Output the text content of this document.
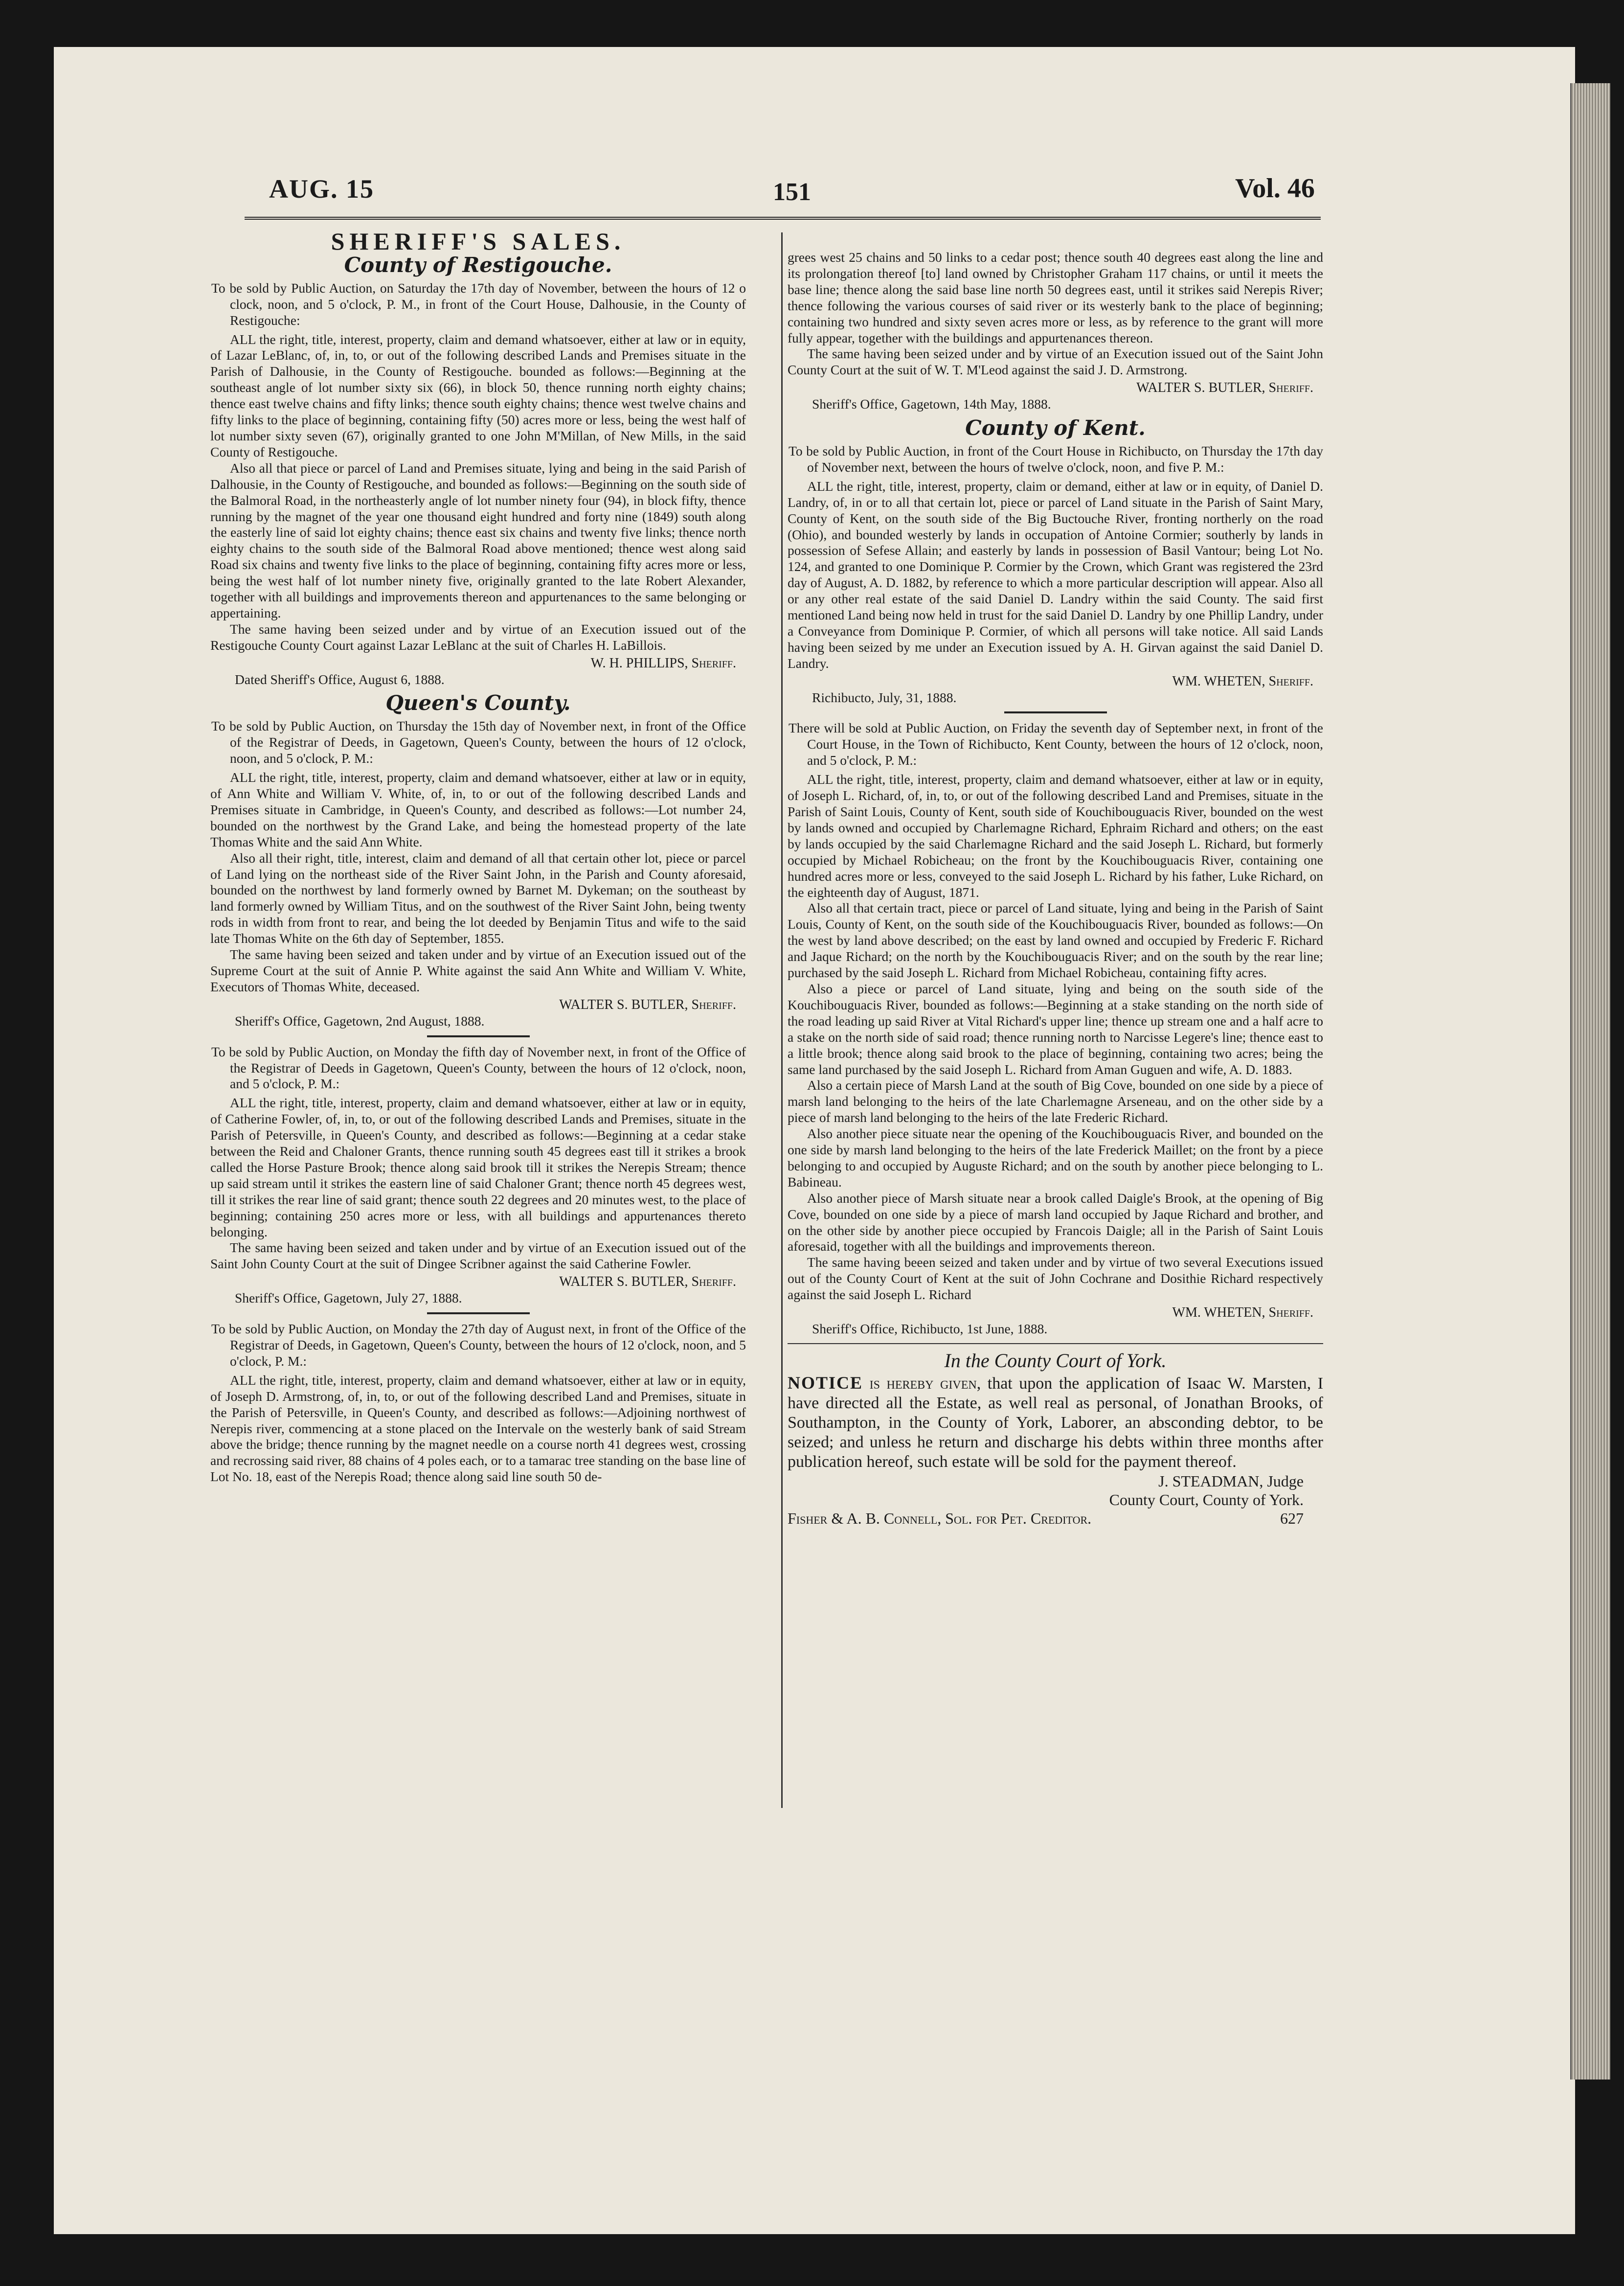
AUG. 15	151	Vol. 46

SHERIFF'S SALES.

County of Restigouche.

To be sold by Public Auction, on Saturday the 17th day of November, between the hours of 12 o clock, noon, and 5 o'clock, P. M., in front of the Court House, Dalhousie, in the County of Restigouche:

ALL the right, title, interest, property, claim and demand whatsoever, either at law or in equity, of Lazar LeBlanc, of, in, to, or out of the following described Lands and Premises situate in the Parish of Dalhousie, in the County of Restigouche. bounded as follows:—Beginning at the southeast angle of lot number sixty six (66), in block 50, thence running north eighty chains; thence east twelve chains and fifty links; thence south eighty chains; thence west twelve chains and fifty links to the place of beginning, containing fifty (50) acres more or less, being the west half of lot number sixty seven (67), originally granted to one John M'Millan, of New Mills, in the said County of Restigouche.

Also all that piece or parcel of Land and Premises situate, lying and being in the said Parish of Dalhousie, in the County of Restigouche, and bounded as follows:—Beginning on the south side of the Balmoral Road, in the northeasterly angle of lot number ninety four (94), in block fifty, thence running by the magnet of the year one thousand eight hundred and forty nine (1849) south along the easterly line of said lot eighty chains; thence east six chains and twenty five links; thence north eighty chains to the south side of the Balmoral Road above mentioned; thence west along said Road six chains and twenty five links to the place of beginning, containing fifty acres more or less, being the west half of lot number ninety five, originally granted to the late Robert Alexander, together with all buildings and improvements thereon and appurtenances to the same belonging or appertaining.

The same having been seized under and by virtue of an Execution issued out of the Restigouche County Court against Lazar LeBlanc at the suit of Charles H. LaBillois.

W. H. PHILLIPS, Sheriff.

Dated Sheriff's Office, August 6, 1888.

Queen's County.

To be sold by Public Auction, on Thursday the 15th day of November next, in front of the Office of the Registrar of Deeds, in Gagetown, Queen's County, between the hours of 12 o'clock, noon, and 5 o'clock, P. M.:

ALL the right, title, interest, property, claim and demand whatsoever, either at law or in equity, of Ann White and William V. White, of, in, to or out of the following described Lands and Premises situate in Cambridge, in Queen's County, and described as follows:—Lot number 24, bounded on the northwest by the Grand Lake, and being the homestead property of the late Thomas White and the said Ann White.

Also all their right, title, interest, claim and demand of all that certain other lot, piece or parcel of Land lying on the northeast side of the River Saint John, in the Parish and County aforesaid, bounded on the northwest by land formerly owned by Barnet M. Dykeman; on the southeast by land formerly owned by William Titus, and on the southwest of the River Saint John, being twenty rods in width from front to rear, and being the lot deeded by Benjamin Titus and wife to the said late Thomas White on the 6th day of September, 1855.

The same having been seized and taken under and by virtue of an Execution issued out of the Supreme Court at the suit of Annie P. White against the said Ann White and William V. White, Executors of Thomas White, deceased.

WALTER S. BUTLER, Sheriff.

Sheriff's Office, Gagetown, 2nd August, 1888.

To be sold by Public Auction, on Monday the fifth day of November next, in front of the Office of the Registrar of Deeds in Gagetown, Queen's County, between the hours of 12 o'clock, noon, and 5 o'clock, P. M.:

ALL the right, title, interest, property, claim and demand whatsoever, either at law or in equity, of Catherine Fowler, of, in, to, or out of the following described Lands and Premises, situate in the Parish of Petersville, in Queen's County, and described as follows:—Beginning at a cedar stake between the Reid and Chaloner Grants, thence running south 45 degrees east till it strikes a brook called the Horse Pasture Brook; thence along said brook till it strikes the Nerepis Stream; thence up said stream until it strikes the eastern line of said Chaloner Grant; thence north 45 degrees west, till it strikes the rear line of said grant; thence south 22 degrees and 20 minutes west, to the place of beginning; containing 250 acres more or less, with all buildings and appurtenances thereto belonging.

The same having been seized and taken under and by virtue of an Execution issued out of the Saint John County Court at the suit of Dingee Scribner against the said Catherine Fowler.

WALTER S. BUTLER, Sheriff.

Sheriff's Office, Gagetown, July 27, 1888.

To be sold by Public Auction, on Monday the 27th day of August next, in front of the Office of the Registrar of Deeds, in Gagetown, Queen's County, between the hours of 12 o'clock, noon, and 5 o'clock, P. M.:

ALL the right, title, interest, property, claim and demand whatsoever, either at law or in equity, of Joseph D. Armstrong, of, in, to, or out of the following described Land and Premises, situate in the Parish of Petersville, in Queen's County, and described as follows:—Adjoining northwest of Nerepis river, commencing at a stone placed on the Intervale on the westerly bank of said Stream above the bridge; thence running by the magnet needle on a course north 41 degrees west, crossing and recrossing said river, 88 chains of 4 poles each, or to a tamarac tree standing on the base line of Lot No. 18, east of the Nerepis Road; thence along said line south 50 de-

grees west 25 chains and 50 links to a cedar post; thence south 40 degrees east along the line and its prolongation thereof [to] land owned by Christopher Graham 117 chains, or until it meets the base line; thence along the said base line north 50 degrees east, until it strikes said Nerepis River; thence following the various courses of said river or its westerly bank to the place of beginning; containing two hundred and sixty seven acres more or less, as by reference to the grant will more fully appear, together with the buildings and appurtenances thereon.

The same having been seized under and by virtue of an Execution issued out of the Saint John County Court at the suit of W. T. M'Leod against the said J. D. Armstrong.

WALTER S. BUTLER, Sheriff.

Sheriff's Office, Gagetown, 14th May, 1888.

County of Kent.

To be sold by Public Auction, in front of the Court House in Richibucto, on Thursday the 17th day of November next, between the hours of twelve o'clock, noon, and five P. M.:

ALL the right, title, interest, property, claim or demand, either at law or in equity, of Daniel D. Landry, of, in or to all that certain lot, piece or parcel of Land situate in the Parish of Saint Mary, County of Kent, on the south side of the Big Buctouche River, fronting northerly on the road (Ohio), and bounded westerly by lands in occupation of Antoine Cormier; southerly by lands in possession of Sefese Allain; and easterly by lands in possession of Basil Vantour; being Lot No. 124, and granted to one Dominique P. Cormier by the Crown, which Grant was registered the 23rd day of August, A. D. 1882, by reference to which a more particular description will appear. Also all or any other real estate of the said Daniel D. Landry within the said County. The said first mentioned Land being now held in trust for the said Daniel D. Landry by one Phillip Landry, under a Conveyance from Dominique P. Cormier, of which all persons will take notice. All said Lands having been seized by me under an Execution issued by A. H. Girvan against the said Daniel D. Landry.

WM. WHETEN, Sheriff.

Richibucto, July, 31, 1888.

There will be sold at Public Auction, on Friday the seventh day of September next, in front of the Court House, in the Town of Richibucto, Kent County, between the hours of 12 o'clock, noon, and 5 o'clock, P. M.:

ALL the right, title, interest, property, claim and demand whatsoever, either at law or in equity, of Joseph L. Richard, of, in, to, or out of the following described Land and Premises, situate in the Parish of Saint Louis, County of Kent, south side of Kouchibouguacis River, bounded on the west by lands owned and occupied by Charlemagne Richard, Ephraim Richard and others; on the east by lands occupied by the said Charlemagne Richard and the said Joseph L. Richard, but formerly occupied by Michael Robicheau; on the front by the Kouchibouguacis River, containing one hundred acres more or less, conveyed to the said Joseph L. Richard by his father, Luke Richard, on the eighteenth day of August, 1871.

Also all that certain tract, piece or parcel of Land situate, lying and being in the Parish of Saint Louis, County of Kent, on the south side of the Kouchibouguacis River, bounded as follows:—On the west by land above described; on the east by land owned and occupied by Frederic F. Richard and Jaque Richard; on the north by the Kouchibouguacis River; and on the south by the rear line; purchased by the said Joseph L. Richard from Michael Robicheau, containing fifty acres.

Also a piece or parcel of Land situate, lying and being on the south side of the Kouchibouguacis River, bounded as follows:—Beginning at a stake standing on the north side of the road leading up said River at Vital Richard's upper line; thence up stream one and a half acre to a stake on the north side of said road; thence running north to Narcisse Legere's line; thence east to a little brook; thence along said brook to the place of beginning, containing two acres; being the same land purchased by the said Joseph L. Richard from Aman Guguen and wife, A. D. 1883.

Also a certain piece of Marsh Land at the south of Big Cove, bounded on one side by a piece of marsh land belonging to the heirs of the late Charlemagne Arseneau, and on the other side by a piece of marsh land belonging to the heirs of the late Frederic Richard.

Also another piece situate near the opening of the Kouchibouguacis River, and bounded on the one side by marsh land belonging to the heirs of the late Frederick Maillet; on the front by a piece belonging to and occupied by Auguste Richard; and on the south by another piece belonging to L. Babineau.

Also another piece of Marsh situate near a brook called Daigle's Brook, at the opening of Big Cove, bounded on one side by a piece of marsh land occupied by Jaque Richard and brother, and on the other side by another piece occupied by Francois Daigle; all in the Parish of Saint Louis aforesaid, together with all the buildings and improvements thereon.

The same having beeen seized and taken under and by virtue of two several Executions issued out of the County Court of Kent at the suit of John Cochrane and Dosithie Richard respectively against the said Joseph L. Richard

WM. WHETEN, Sheriff.

Sheriff's Office, Richibucto, 1st June, 1888.

In the County Court of York.

NOTICE is hereby given, that upon the application of Isaac W. Marsten, I have directed all the Estate, as well real as personal, of Jonathan Brooks, of Southampton, in the County of York, Laborer, an absconding debtor, to be seized; and unless he return and discharge his debts within three months after publication hereof, such estate will be sold for the payment thereof.

J. STEADMAN, Judge

County Court, County of York.

Fisher & A. B. Connell, Sol. for Pet. Creditor.	627
